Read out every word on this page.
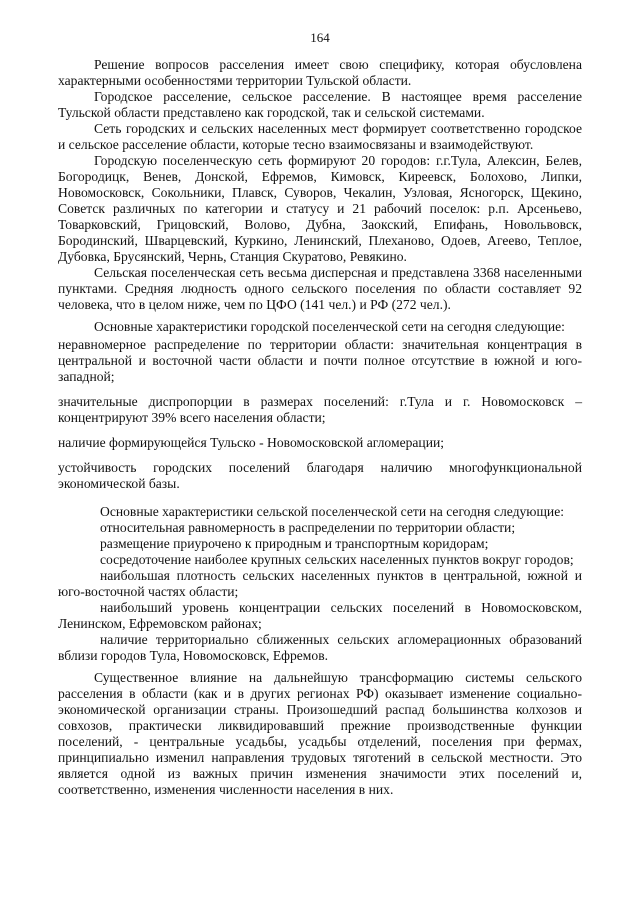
164

Решение вопросов расселения имеет свою специфику, которая обусловлена характерными особенностями территории Тульской области.

Городское расселение, сельское расселение. В настоящее время расселение Тульской области представлено как городской, так и сельской системами.

Сеть городских и сельских населенных мест формирует соответственно городское и сельское расселение области, которые тесно взаимосвязаны и взаимодействуют.

Городскую поселенческую сеть формируют 20 городов: г.г.Тула, Алексин, Белев, Богородицк, Венев, Донской, Ефремов, Кимовск, Киреевск, Болохово, Липки, Новомосковск, Сокольники, Плавск, Суворов, Чекалин, Узловая, Ясногорск, Щекино, Советск различных по категории и статусу и 21 рабочий поселок: р.п. Арсеньево, Товарковский, Грицовский, Волово, Дубна, Заокский, Епифань, Новольвовск, Бородинский, Шварцевский, Куркино, Ленинский, Плеханово, Одоев, Агеево, Теплое, Дубовка, Брусянский, Чернь, Станция Скуратово, Ревякино.

Сельская поселенческая сеть весьма дисперсная и представлена 3368 населенными пунктами. Средняя людность одного сельского поселения по области составляет 92 человека, что в целом ниже, чем по ЦФО (141 чел.) и РФ (272 чел.).

Основные характеристики городской поселенческой сети на сегодня следующие:

неравномерное распределение по территории области: значительная концентрация в центральной и восточной части области и почти полное отсутствие в южной и юго-западной;

значительные диспропорции в размерах поселений: г.Тула и г. Новомосковск – концентрируют 39% всего населения области;

наличие формирующейся Тульско - Новомосковской агломерации;

устойчивость городских поселений благодаря наличию многофункциональной экономической базы.

Основные характеристики сельской поселенческой сети на сегодня следующие:

относительная равномерность в распределении по территории области;

размещение приурочено к природным и транспортным коридорам;

сосредоточение наиболее крупных сельских населенных пунктов вокруг городов;

наибольшая плотность сельских населенных пунктов в центральной, южной и юго-восточной частях области;

наибольший уровень концентрации сельских поселений в Новомосковском, Ленинском, Ефремовском районах;

наличие территориально сближенных сельских агломерационных образований вблизи городов Тула, Новомосковск, Ефремов.

Существенное влияние на дальнейшую трансформацию системы сельского расселения в области (как и в других регионах РФ) оказывает изменение социально-экономической организации страны. Произошедший распад большинства колхозов и совхозов, практически ликвидировавший прежние производственные функции поселений, - центральные усадьбы, усадьбы отделений, поселения при фермах, принципиально изменил направления трудовых тяготений в сельской местности. Это является одной из важных причин изменения значимости этих поселений и, соответственно, изменения численности населения в них.
